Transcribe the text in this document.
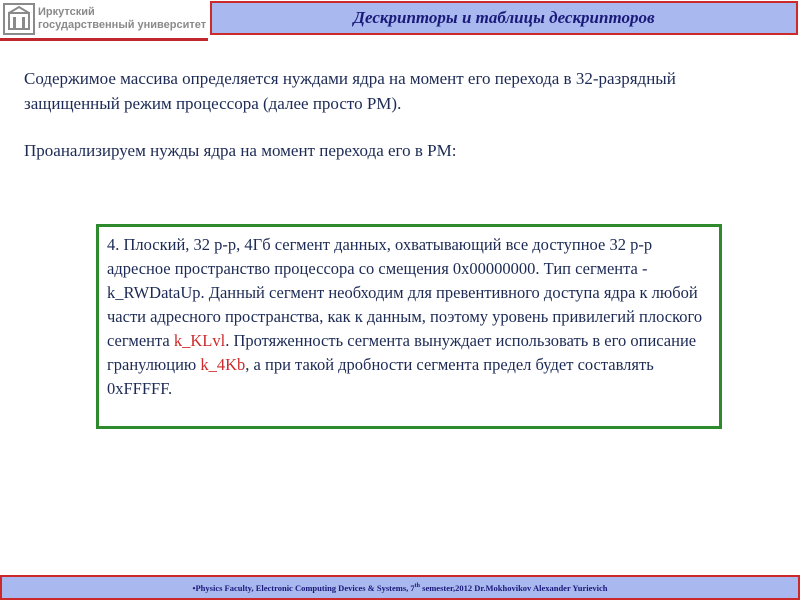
Иркутский
государственный университет	Дескрипторы и таблицы дескрипторов
Содержимое массива определяется нуждами ядра на момент его перехода в 32-разрядный защищенный режим процессора (далее просто РМ).
Проанализируем нужды ядра на момент перехода его в РМ:
4. Плоский, 32 р-р, 4Гб сегмент данных, охватывающий все доступное 32 р-р адресное пространство процессора со смещения 0x00000000. Тип сегмента - k_RWDataUp. Данный сегмент необходим для превентивного доступа ядра к любой части адресного пространства, как к данным, поэтому уровень привилегий плоского сегмента k_KLvl. Протяженность сегмента вынуждает использовать в его описание гранулюцию k_4Kb, а при такой дробности сегмента предел будет составлять 0xFFFFF.
•Physics Faculty, Electronic Computing Devices & Systems, 7th semester,2012 Dr.Mokhovikov Alexander Yurievich
